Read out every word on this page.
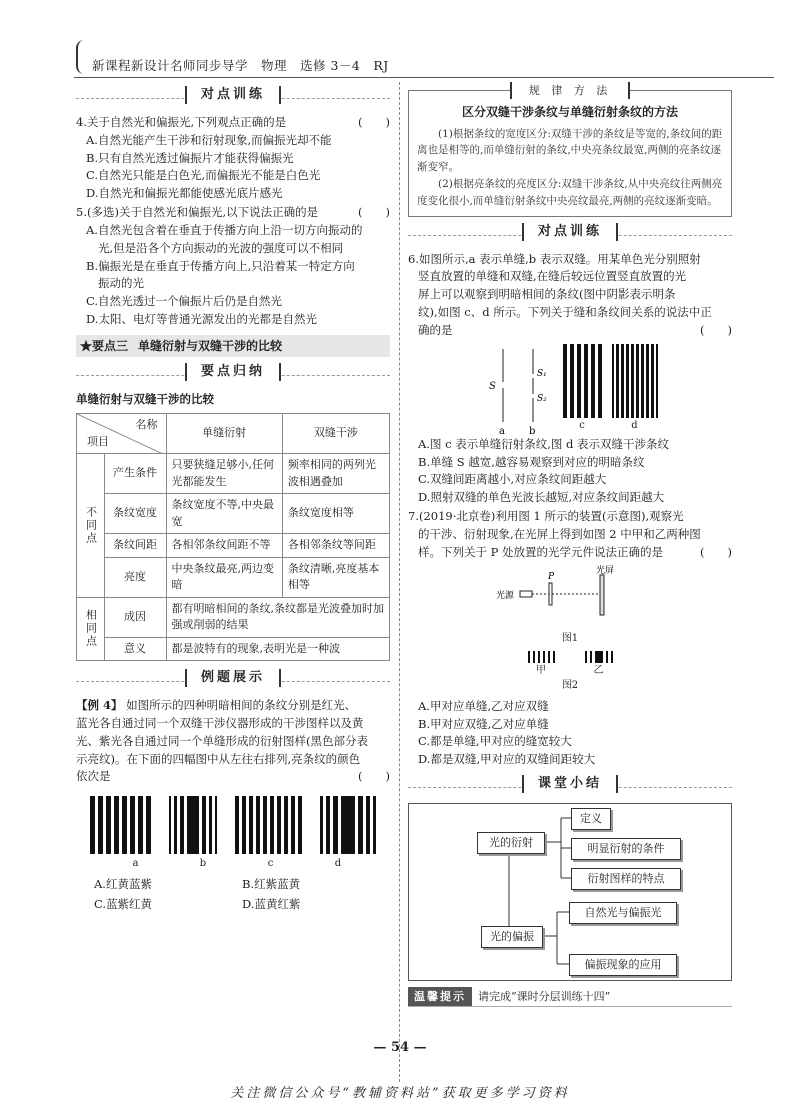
新课程新设计名师同步导学　物理　选修 3－4　RJ
对点训练
4.关于自然光和偏振光,下列观点正确的是	(　　)
A.自然光能产生干涉和衍射现象,而偏振光却不能
B.只有自然光透过偏振片才能获得偏振光
C.自然光只能是白色光,而偏振光不能是白色光
D.自然光和偏振光都能使感光底片感光
5.(多选)关于自然光和偏振光,以下说法正确的是	(　　)
A.自然光包含着在垂直于传播方向上沿一切方向振动的
光,但是沿各个方向振动的光波的强度可以不相同
B.偏振光是在垂直于传播方向上,只沿着某一特定方向
振动的光
C.自然光透过一个偏振片后仍是自然光
D.太阳、电灯等普通光源发出的光都是自然光
★要点三 单缝衍射与双缝干涉的比较
要点归纳
单缝衍射与双缝干涉的比较
名称
项目		单缝衍射	双缝干涉
不同点	产生条件	只要狭缝足够小,任何光都能发生	频率相同的两列光波相遇叠加
	条纹宽度	条纹宽度不等,中央最宽	条纹宽度相等
	条纹间距	各相邻条纹间距不等	各相邻条纹等间距
	亮度	中央条纹最亮,两边变暗	条纹清晰,亮度基本相等
相同点	成因	都有明暗相间的条纹,条纹都是光波叠加时加强或削弱的结果	
	意义	都是波特有的现象,表明光是一种波	
例题展示
【例 4】 如图所示的四种明暗相间的条纹分别是红光、
蓝光各自通过同一个双缝干涉仪器形成的干涉图样以及黄
光、紫光各自通过同一个单缝形成的衍射图样(黑色部分表
示亮纹)。在下面的四幅图中从左往右排列,亮条纹的颜色
依次是	(　　)
a	b	c	d
A.红黄蓝紫	B.红紫蓝黄
C.蓝紫红黄	D.蓝黄红紫
规 律 方 法
区分双缝干涉条纹与单缝衍射条纹的方法

(1)根据条纹的宽度区分:双缝干涉的条纹是等宽的,条纹间的距离也是相等的,而单缝衍射的条纹,中央亮条纹最宽,两侧的亮条纹逐渐变窄。

(2)根据亮条纹的亮度区分:双缝干涉条纹,从中央亮纹往两侧亮度变化很小,而单缝衍射条纹中央亮纹最亮,两侧的亮纹逐渐变暗。

对点训练
6.如图所示,a 表示单缝,b 表示双缝。用某单色光分别照射
竖直放置的单缝和双缝,在缝后较远位置竖直放置的光
屏上可以观察到明暗相间的条纹(图中阴影表示明条
纹),如图 c、d 所示。下列关于缝和条纹间关系的说法中正
确的是	(　　)
S
S₁
S₂
a b	c	d
A.图 c 表示单缝衍射条纹,图 d 表示双缝干涉条纹
B.单缝 S 越宽,越容易观察到对应的明暗条纹
C.双缝间距离越小,对应条纹间距越大
D.照射双缝的单色光波长越短,对应条纹间距越大
7.(2019·北京卷)利用图 1 所示的装置(示意图),观察光
的干涉、衍射现象,在光屏上得到如图 2 中甲和乙两种图
样。下列关于 P 处放置的光学元件说法正确的是	(　　)
光源
P
光屏
图1
甲	乙
图2
A.甲对应单缝,乙对应双缝
B.甲对应双缝,乙对应单缝
C.都是单缝,甲对应的缝宽较大
D.都是双缝,甲对应的双缝间距较大
课堂小结
光的衍射
定义
明显衍射的条件
衍射图样的特点
光的偏振
自然光与偏振光
偏振现象的应用
温馨提示	请完成“课时分层训练十四”
— 54 —
关注微信公众号“教辅资料站”获取更多学习资料
